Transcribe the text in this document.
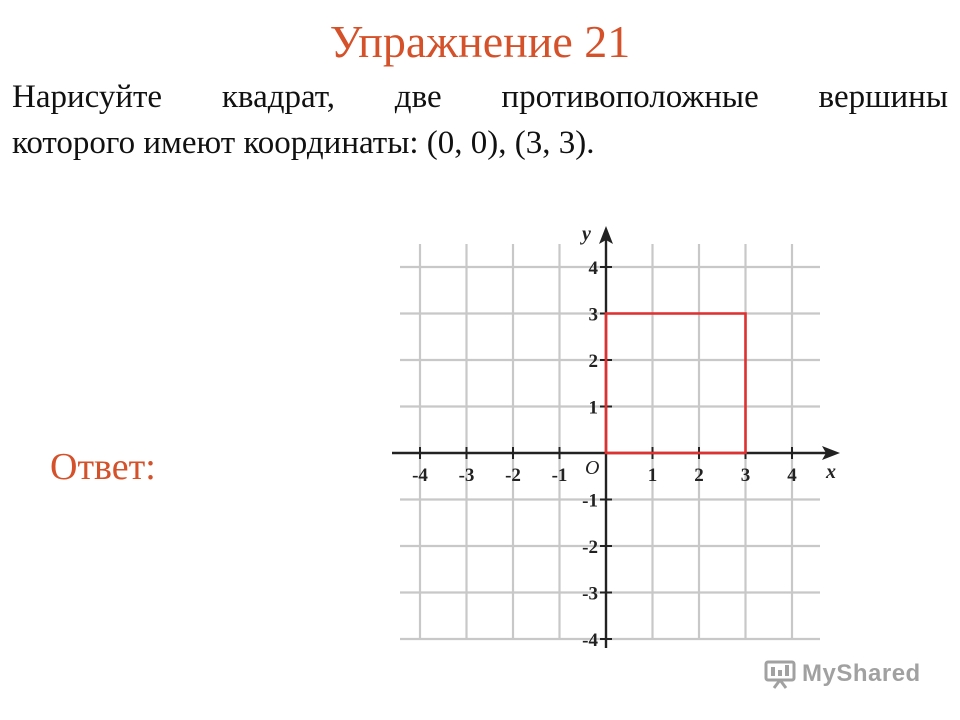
Упражнение 21
Нарисуйте квадрат, две противоположные вершины
которого имеют координаты: (0, 0), (3, 3).
Ответ:	x
y
O
-4 -3 -2 -1	1 2 3 4
4
3
2
1
-1
-2
-3
-4
MyShared
